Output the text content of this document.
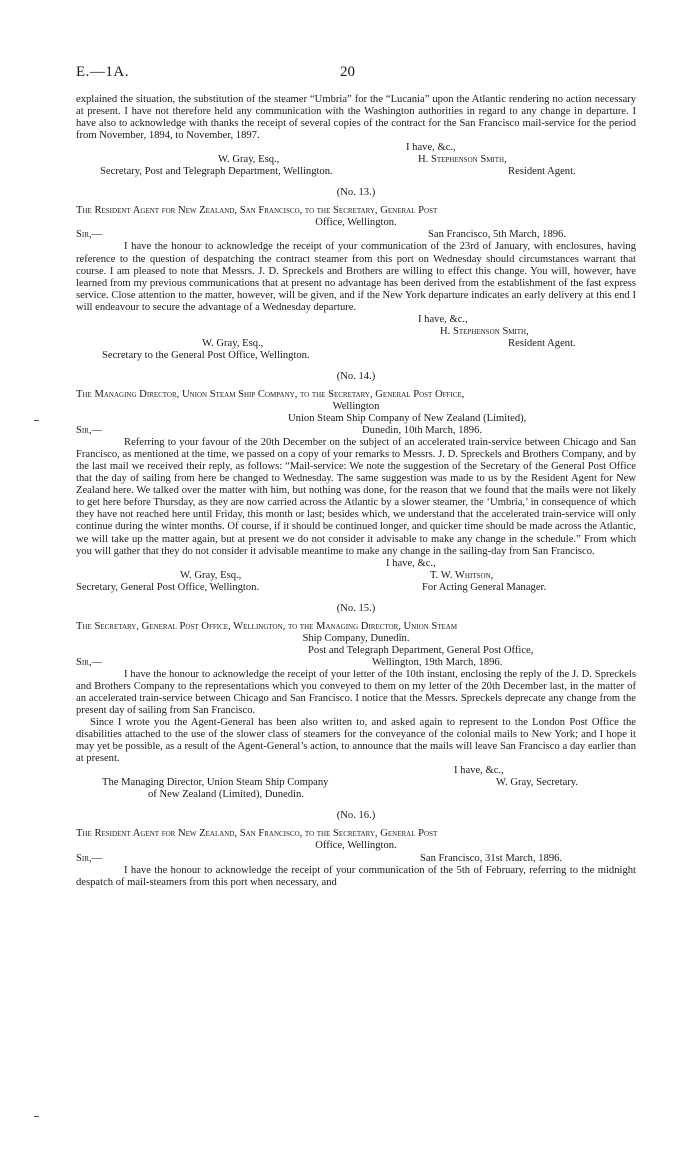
E.—1A.	20

explained the situation, the substitution of the steamer “Umbria” for the “Lucania” upon the Atlantic rendering no action necessary at present. I have not therefore held any communication with the Washington authorities in regard to any change in departure. I have also to acknowledge with thanks the receipt of several copies of the contract for the San Francisco mail-service for the period from November, 1894, to November, 1897.

I have, &c.,
W. Gray, Esq.,	H. Stephenson Smith,
Secretary, Post and Telegraph Department, Wellington.	Resident Agent.

(No. 13.)

The Resident Agent for New Zealand, San Francisco, to the Secretary, General Post

Office, Wellington.

Sir,—	San Francisco, 5th March, 1896.

I have the honour to acknowledge the receipt of your communication of the 23rd of January, with enclosures, having reference to the question of despatching the contract steamer from this port on Wednesday should circumstances warrant that course. I am pleased to note that Messrs. J. D. Spreckels and Brothers are willing to effect this change. You will, however, have learned from my previous communications that at present no advantage has been derived from the establishment of the fast express service. Close attention to the matter, however, will be given, and if the New York departure indicates an early delivery at this end I will endeavour to secure the advantage of a Wednesday departure.

I have, &c.,
H. Stephenson Smith,
W. Gray, Esq.,	Resident Agent.
Secretary to the General Post Office, Wellington.

(No. 14.)

The Managing Director, Union Steam Ship Company, to the Secretary, General Post Office,

Wellington

Union Steam Ship Company of New Zealand (Limited),
Sir,—	Dunedin, 10th March, 1896.

Referring to your favour of the 20th December on the subject of an accelerated train-service between Chicago and San Francisco, as mentioned at the time, we passed on a copy of your remarks to Messrs. J. D. Spreckels and Brothers Company, and by the last mail we received their reply, as follows: “Mail-service: We note the suggestion of the Secretary of the General Post Office that the day of sailing from here be changed to Wednesday. The same suggestion was made to us by the Resident Agent for New Zealand here. We talked over the matter with him, but nothing was done, for the reason that we found that the mails were not likely to get here before Thursday, as they are now carried across the Atlantic by a slower steamer, the ‘Umbria,’ in consequence of which they have not reached here until Friday, this month or last; besides which, we understand that the accelerated train-service will only continue during the winter months. Of course, if it should be continued longer, and quicker time should be made across the Atlantic, we will take up the matter again, but at present we do not consider it advisable to make any change in the schedule.” From which you will gather that they do not consider it advisable meantime to make any change in the sailing-day from San Francisco.

I have, &c.,
W. Gray, Esq.,	T. W. Whitson,
Secretary, General Post Office, Wellington.	For Acting General Manager.

(No. 15.)

The Secretary, General Post Office, Wellington, to the Managing Director, Union Steam

Ship Company, Dunedin.

Post and Telegraph Department, General Post Office,
Sir,—	Wellington, 19th March, 1896.

I have the honour to acknowledge the receipt of your letter of the 10th instant, enclosing the reply of the J. D. Spreckels and Brothers Company to the representations which you conveyed to them on my letter of the 20th December last, in the matter of an accelerated train-service between Chicago and San Francisco. I notice that the Messrs. Spreckels deprecate any change from the present day of sailing from San Francisco.

Since I wrote you the Agent-General has been also written to, and asked again to represent to the London Post Office the disabilities attached to the use of the slower class of steamers for the conveyance of the colonial mails to New York; and I hope it may yet be possible, as a result of the Agent-General’s action, to announce that the mails will leave San Francisco a day earlier than at present.

I have, &c.,
The Managing Director, Union Steam Ship Company	W. Gray, Secretary.
of New Zealand (Limited), Dunedin.

(No. 16.)

The Resident Agent for New Zealand, San Francisco, to the Secretary, General Post

Office, Wellington.

Sir,—	San Francisco, 31st March, 1896.

I have the honour to acknowledge the receipt of your communication of the 5th of February, referring to the midnight despatch of mail-steamers from this port when necessary, and
